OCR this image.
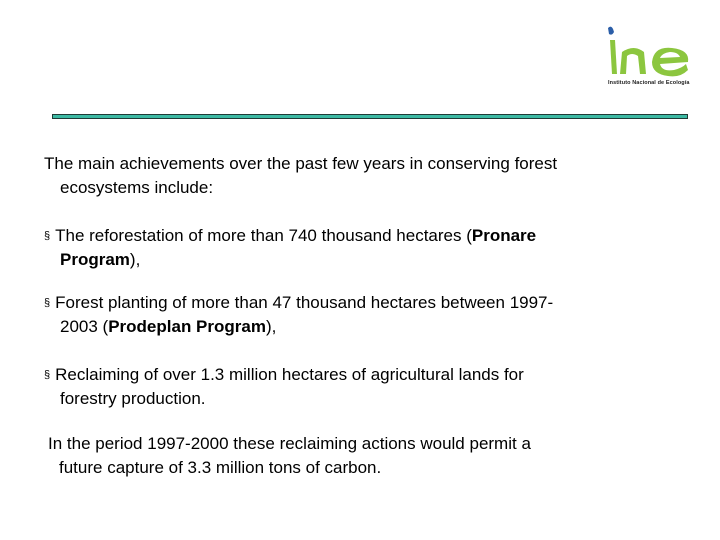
Instituto Nacional de Ecología

The main achievements over the past few years in conserving forest
ecosystems include:

§ The reforestation of more than 740 thousand hectares (Pronare
Program),

§ Forest planting of more than 47 thousand hectares between 1997-
2003 (Prodeplan Program),

§ Reclaiming of over 1.3 million hectares of agricultural lands for
forestry production.

In the period 1997-2000 these reclaiming actions would permit a
future capture of 3.3 million tons of carbon.
